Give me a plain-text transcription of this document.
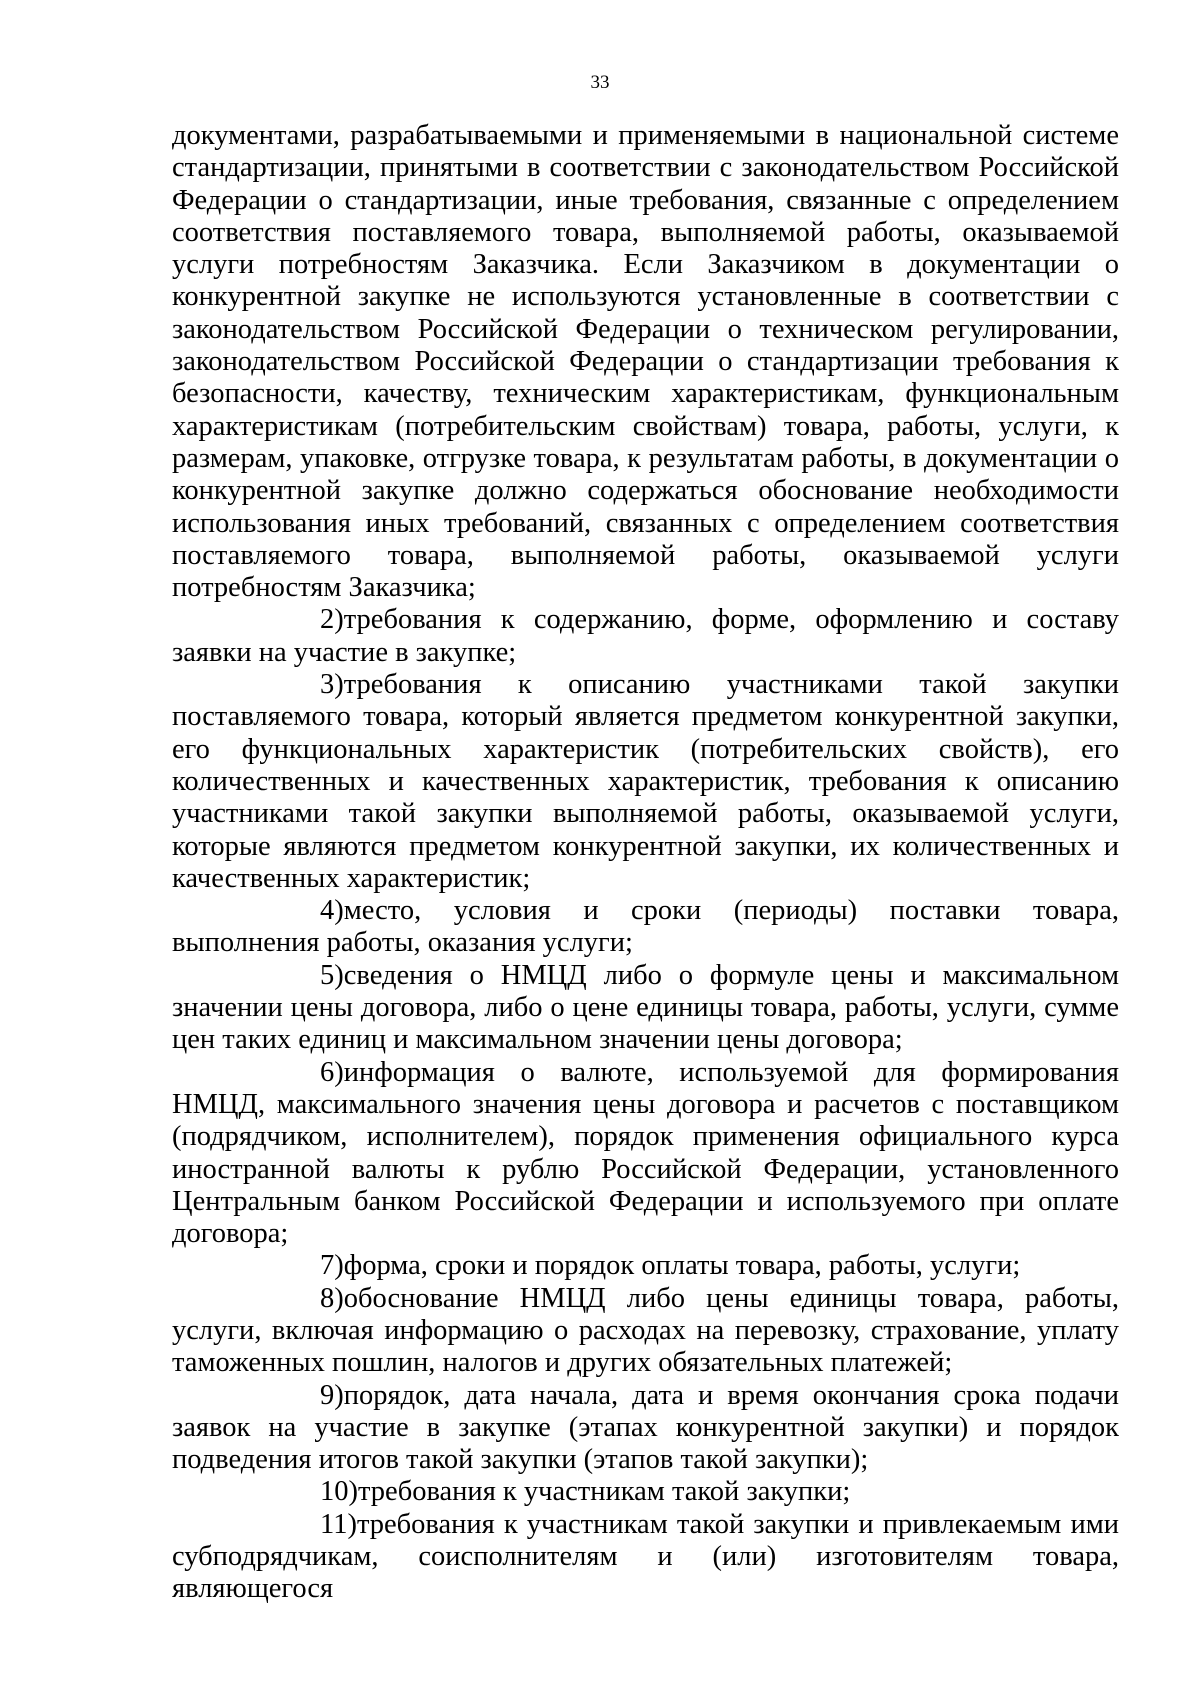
33

документами, разрабатываемыми и применяемыми в национальной системе стандартизации, принятыми в соответствии с законодательством Российской Федерации о стандартизации, иные требования, связанные с определением соответствия поставляемого товара, выполняемой работы, оказываемой услуги потребностям Заказчика. Если Заказчиком в документации о конкурентной закупке не используются установленные в соответствии с законодательством Российской Федерации о техническом регулировании, законодательством Российской Федерации о стандартизации требования к безопасности, качеству, техническим характеристикам, функциональным характеристикам (потребительским свойствам) товара, работы, услуги, к размерам, упаковке, отгрузке товара, к результатам работы, в документации о конкурентной закупке должно содержаться обоснование необходимости использования иных требований, связанных с определением соответствия поставляемого товара, выполняемой работы, оказываемой услуги потребностям Заказчика;

2)требования к содержанию, форме, оформлению и составу заявки на участие в закупке;

3)требования к описанию участниками такой закупки поставляемого товара, который является предметом конкурентной закупки, его функциональных характеристик (потребительских свойств), его количественных и качественных характеристик, требования к описанию участниками такой закупки выполняемой работы, оказываемой услуги, которые являются предметом конкурентной закупки, их количественных и качественных характеристик;

4)место, условия и сроки (периоды) поставки товара, выполнения работы, оказания услуги;

5)сведения о НМЦД либо о формуле цены и максимальном значении цены договора, либо о цене единицы товара, работы, услуги, сумме цен таких единиц и максимальном значении цены договора;

6)информация о валюте, используемой для формирования НМЦД, максимального значения цены договора и расчетов с поставщиком (подрядчиком, исполнителем), порядок применения официального курса иностранной валюты к рублю Российской Федерации, установленного Центральным банком Российской Федерации и используемого при оплате договора;

7)форма, сроки и порядок оплаты товара, работы, услуги;

8)обоснование НМЦД либо цены единицы товара, работы, услуги, включая информацию о расходах на перевозку, страхование, уплату таможенных пошлин, налогов и других обязательных платежей;

9)порядок, дата начала, дата и время окончания срока подачи заявок на участие в закупке (этапах конкурентной закупки) и порядок подведения итогов такой закупки (этапов такой закупки);

10)требования к участникам такой закупки;

11)требования к участникам такой закупки и привлекаемым ими субподрядчикам, соисполнителям и (или) изготовителям товара, являющегося
